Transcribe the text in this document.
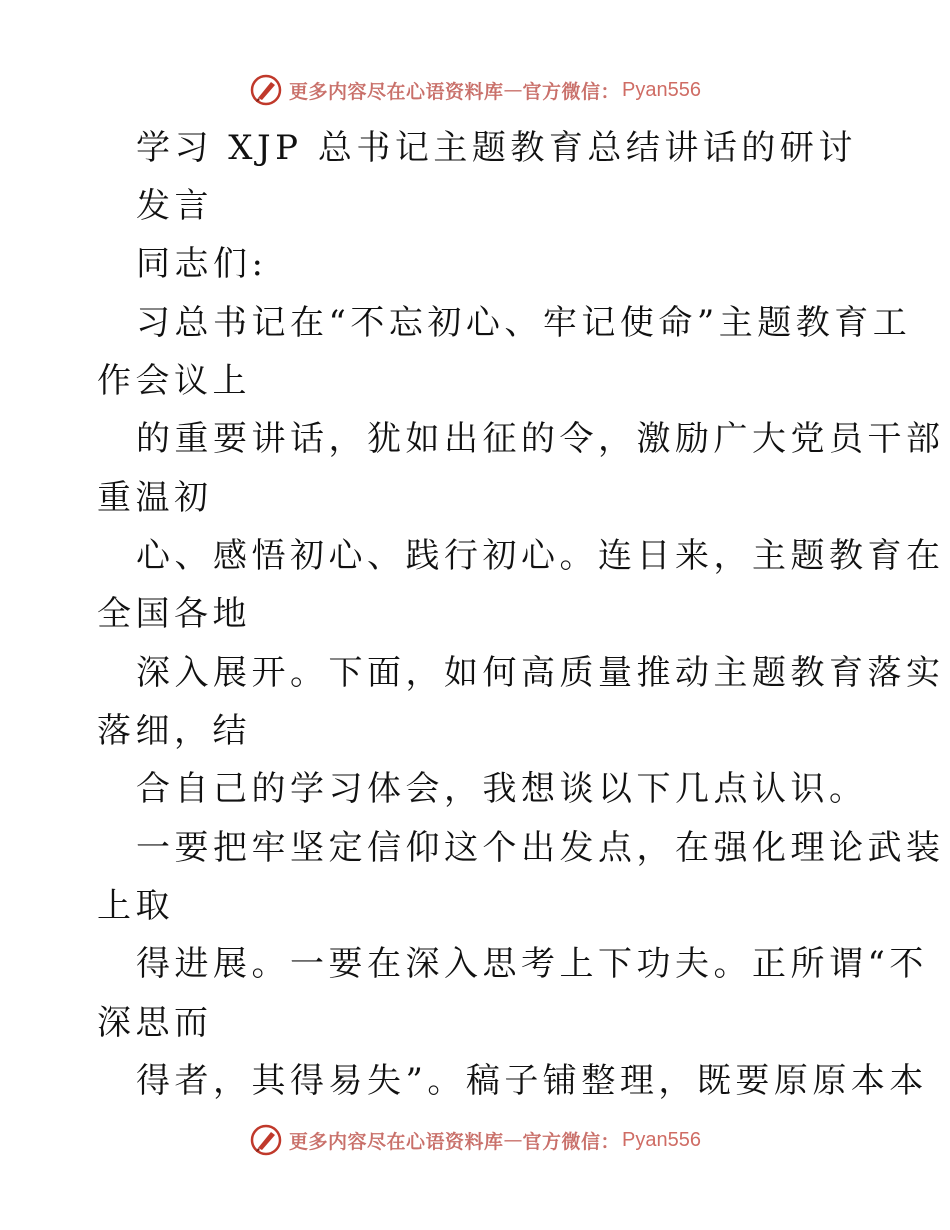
更多内容尽在心语资料库 — 官方微信： Pyan556
学习 XJP 总书记主题教育总结讲话的研讨
发言
同志们:
习总书记在“不忘初心、牢记使命”主题教育工
作会议上
的重要讲话，犹如出征的令，激励广大党员干部
重温初
心、感悟初心、践行初心。连日来，主题教育在
全国各地
深入展开。下面，如何高质量推动主题教育落实
落细，结
合自己的学习体会，我想谈以下几点认识。
一要把牢坚定信仰这个出发点，在强化理论武装
上取
得进展。一要在深入思考上下功夫。正所谓“不
深思而
得者，其得易失”。稿子铺整理，既要原原本本
更多内容尽在心语资料库 — 官方微信： Pyan556
